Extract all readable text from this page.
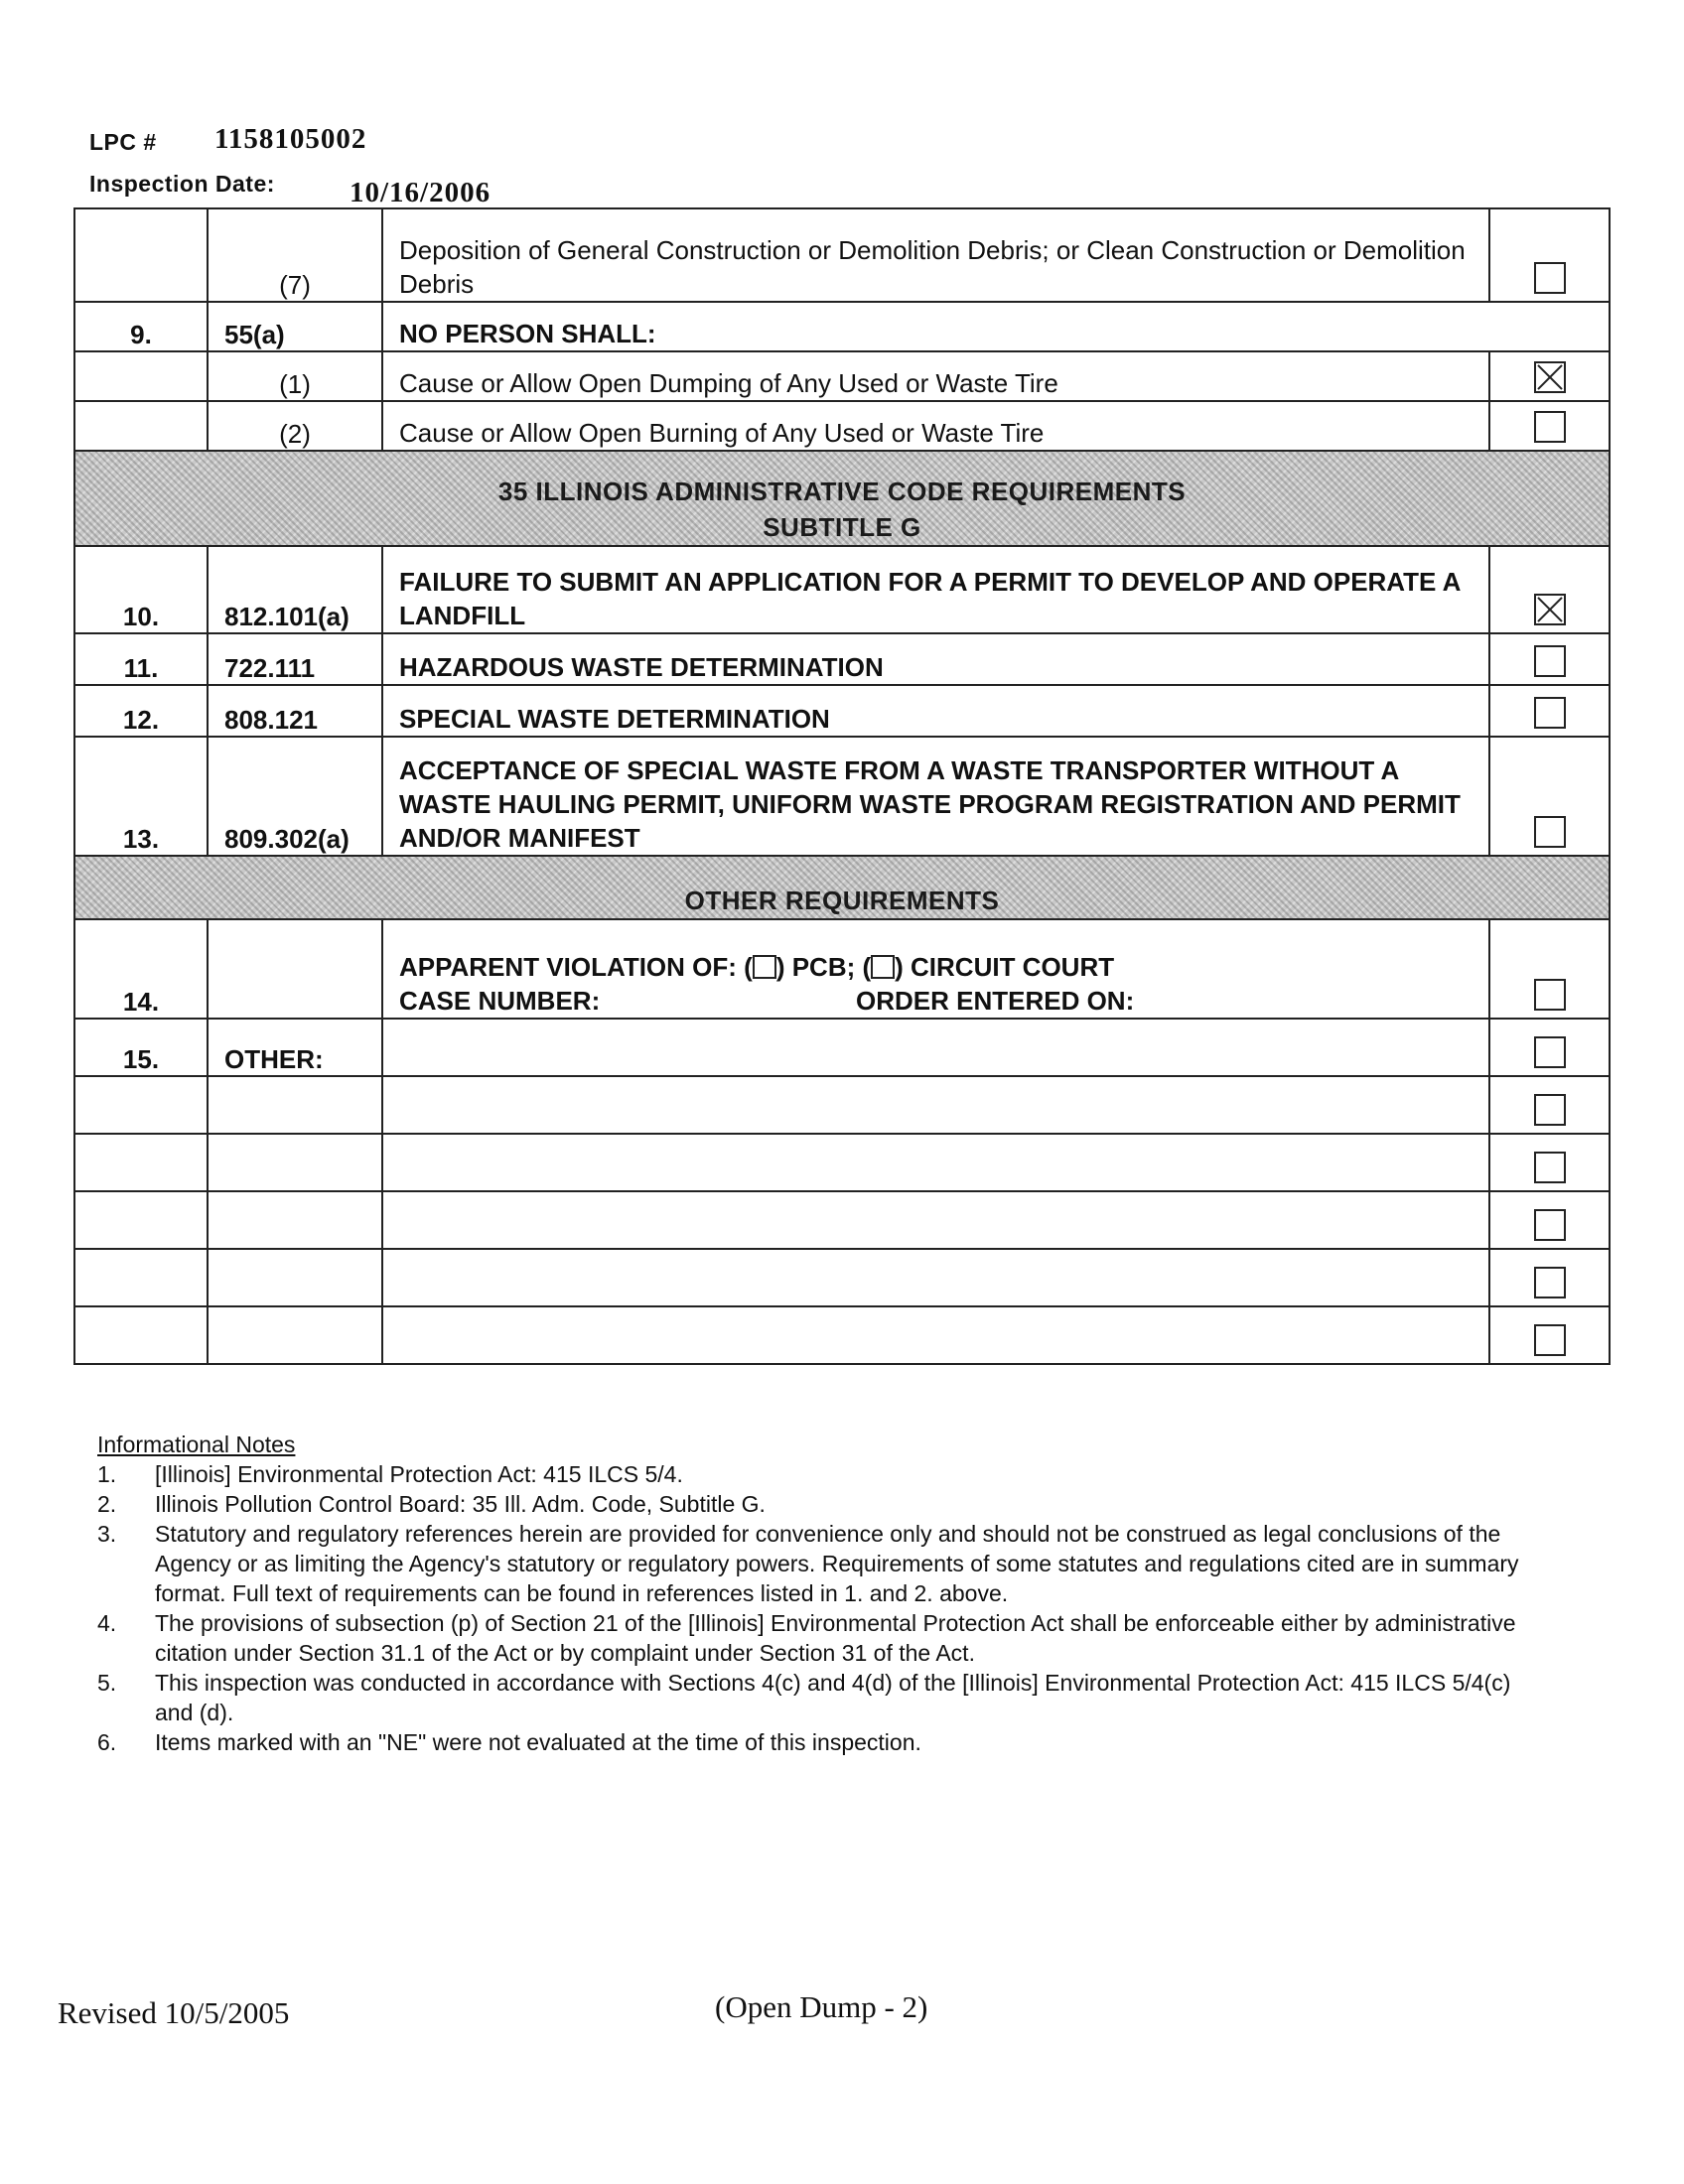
LPC # 1158105002
Inspection Date:	10/16/2006
	(7)	Deposition of General Construction or Demolition Debris; or Clean Construction or Demolition Debris	
9.	55(a)	NO PERSON SHALL:	
	(1)	Cause or Allow Open Dumping of Any Used or Waste Tire	
	(2)	Cause or Allow Open Burning of Any Used or Waste Tire	

35 ILLINOIS ADMINISTRATIVE CODE REQUIREMENTS
SUBTITLE G			

10.	812.101(a)	FAILURE TO SUBMIT AN APPLICATION FOR A PERMIT TO DEVELOP AND OPERATE A LANDFILL	
11.	722.111	HAZARDOUS WASTE DETERMINATION	
12.	808.121	SPECIAL WASTE DETERMINATION	
13.	809.302(a)	ACCEPTANCE OF SPECIAL WASTE FROM A WASTE TRANSPORTER WITHOUT A WASTE HAULING PERMIT, UNIFORM WASTE PROGRAM REGISTRATION AND PERMIT AND/OR MANIFEST	
OTHER REQUIREMENTS			
14.		APPARENT VIOLATION OF: ( ) PCB; ( ) CIRCUIT COURT
CASE NUMBER: ORDER ENTERED ON:	

15.	OTHER:		

Informational Notes
1.	[Illinois] Environmental Protection Act: 415 ILCS 5/4.
2.	Illinois Pollution Control Board: 35 Ill. Adm. Code, Subtitle G.
3.	Statutory and regulatory references herein are provided for convenience only and should not be construed as legal conclusions of the Agency or as limiting the Agency's statutory or regulatory powers. Requirements of some statutes and regulations cited are in summary format. Full text of requirements can be found in references listed in 1. and 2. above.
4.	The provisions of subsection (p) of Section 21 of the [Illinois] Environmental Protection Act shall be enforceable either by administrative citation under Section 31.1 of the Act or by complaint under Section 31 of the Act.
5.	This inspection was conducted in accordance with Sections 4(c) and 4(d) of the [Illinois] Environmental Protection Act: 415 ILCS 5/4(c) and (d).
6.	Items marked with an "NE" were not evaluated at the time of this inspection.
Revised 10/5/2005	(Open Dump - 2)
